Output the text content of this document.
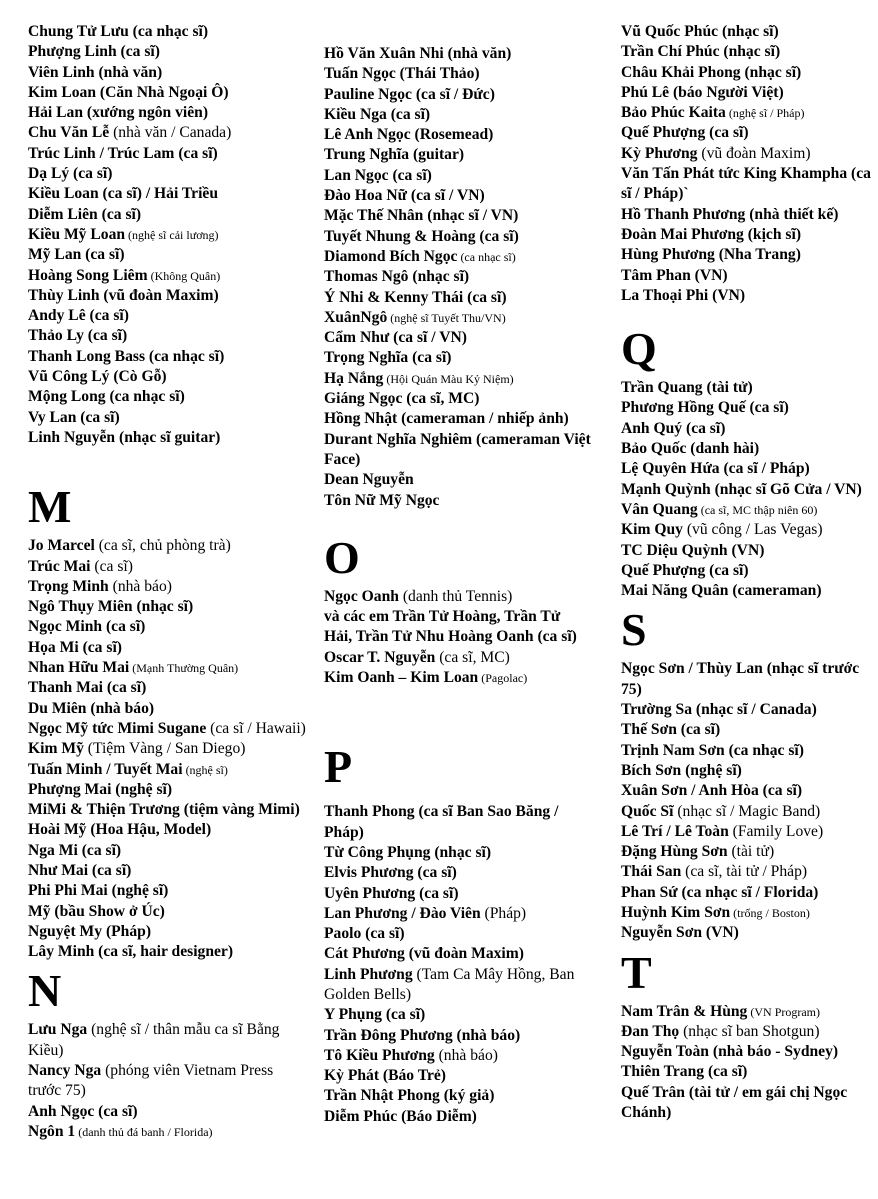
Chung Tử Lưu (ca nhạc sĩ)
Phượng Linh (ca sĩ)
Viên Linh (nhà văn)
Kim Loan (Căn Nhà Ngoại Ô)
Hải Lan (xướng ngôn viên)
Chu Văn Lễ (nhà văn / Canada)
Trúc Linh / Trúc Lam (ca sĩ)
Dạ Lý (ca sĩ)
Kiều Loan (ca sĩ) / Hải Triều
Diễm Liên (ca sĩ)
Kiều Mỹ Loan (nghệ sĩ cải lương)
Mỹ Lan (ca sĩ)
Hoàng Song Liêm (Không Quân)
Thùy Linh (vũ đoàn Maxim)
Andy Lê (ca sĩ)
Thảo Ly (ca sĩ)
Thanh Long Bass (ca nhạc sĩ)
Vũ Công Lý (Cò Gỗ)
Mộng Long (ca nhạc sĩ)
Vy Lan (ca sĩ)
Linh Nguyễn (nhạc sĩ guitar)
M
Jo Marcel (ca sĩ, chủ phòng trà)
Trúc Mai (ca sĩ)
Trọng Minh (nhà báo)
Ngô Thụy Miên (nhạc sĩ)
Ngọc Minh (ca sĩ)
Họa Mi (ca sĩ)
Nhan Hữu Mai (Mạnh Thường Quân)
Thanh Mai (ca sĩ)
Du Miên (nhà báo)
Ngọc Mỹ tức Mimi Sugane (ca sĩ / Hawaii)
Kim Mỹ (Tiệm Vàng / San Diego)
Tuấn Minh / Tuyết Mai (nghệ sĩ)
Phượng Mai (nghệ sĩ)
MiMi & Thiện Trương (tiệm vàng Mimi)
Hoài Mỹ (Hoa Hậu, Model)
Nga Mi (ca sĩ)
Như Mai (ca sĩ)
Phi Phi Mai (nghệ sĩ)
Mỹ (bầu Show ở Úc)
Nguyệt My (Pháp)
Lây Minh (ca sĩ, hair designer)
N
Lưu Nga (nghệ sĩ / thân mẫu ca sĩ Bằng Kiều)
Nancy Nga (phóng viên Vietnam Press trước 75)
Anh Ngọc (ca sĩ)
Ngôn 1 (danh thủ đá banh / Florida)
Hồ Văn Xuân Nhi (nhà văn)
Tuấn Ngọc (Thái Thảo)
Pauline Ngọc (ca sĩ / Đức)
Kiều Nga (ca sĩ)
Lê Anh Ngọc (Rosemead)
Trung Nghĩa (guitar)
Lan Ngọc (ca sĩ)
Đào Hoa Nữ (ca sĩ / VN)
Mặc Thế Nhân (nhạc sĩ / VN)
Tuyết Nhung & Hoàng (ca sĩ)
Diamond Bích Ngọc (ca nhạc sĩ)
Thomas Ngô (nhạc sĩ)
Ý Nhi & Kenny Thái (ca sĩ)
XuânNgô (nghệ sĩ Tuyết Thu/VN)
Cẩm Như (ca sĩ / VN)
Trọng Nghĩa (ca sĩ)
Hạ Nắng (Hội Quán Màu Kỷ Niệm)
Giáng Ngọc (ca sĩ, MC)
Hồng Nhật (cameraman / nhiếp ảnh)
Durant Nghĩa Nghiêm (cameraman Việt Face)
Dean Nguyễn
Tôn Nữ Mỹ Ngọc
O
Ngọc Oanh (danh thủ Tennis)
và các em Trần Tử Hoàng, Trần Tử Hải, Trần Tử Nhu Hoàng Oanh (ca sĩ)
Oscar T. Nguyễn (ca sĩ, MC)
Kim Oanh – Kim Loan (Pagolac)
P
Thanh Phong (ca sĩ Ban Sao Băng / Pháp)
Từ Công Phụng (nhạc sĩ)
Elvis Phương (ca sĩ)
Uyên Phương (ca sĩ)
Lan Phương / Đào Viên (Pháp)
Paolo (ca sĩ)
Cát Phương (vũ đoàn Maxim)
Linh Phương (Tam Ca Mây Hồng, Ban Golden Bells)
Y Phụng (ca sĩ)
Trần Đông Phương (nhà báo)
Tô Kiều Phương (nhà báo)
Kỳ Phát (Báo Trẻ)
Trần Nhật Phong (ký giả)
Diễm Phúc (Báo Diễm)
Vũ Quốc Phúc (nhạc sĩ)
Trần Chí Phúc (nhạc sĩ)
Châu Khải Phong (nhạc sĩ)
Phú Lê (báo Người Việt)
Bảo Phúc Kaita (nghệ sĩ / Pháp)
Quế Phượng (ca sĩ)
Kỳ Phương (vũ đoàn Maxim)
Văn Tấn Phát tức King Khampha (ca sĩ / Pháp)`
Hồ Thanh Phương (nhà thiết kế)
Đoàn Mai Phương (kịch sĩ)
Hùng Phương (Nha Trang)
Tâm Phan (VN)
La Thoại Phi (VN)
Q
Trần Quang (tài tử)
Phương Hồng Quế (ca sĩ)
Anh Quý (ca sĩ)
Bảo Quốc (danh hài)
Lệ Quyên Hứa (ca sĩ / Pháp)
Mạnh Quỳnh (nhạc sĩ Gõ Cửa / VN)
Vân Quang (ca sĩ, MC thập niên 60)
Kim Quy (vũ công / Las Vegas)
TC Diệu Quỳnh (VN)
Quế Phượng (ca sĩ)
Mai Năng Quân (cameraman)
S
Ngọc Sơn / Thùy Lan (nhạc sĩ trước 75)
Trường Sa (nhạc sĩ / Canada)
Thế Sơn (ca sĩ)
Trịnh Nam Sơn (ca nhạc sĩ)
Bích Sơn (nghệ sĩ)
Xuân Sơn / Anh Hòa (ca sĩ)
Quốc Sĩ (nhạc sĩ / Magic Band)
Lê Trí / Lê Toàn (Family Love)
Đặng Hùng Sơn (tài tử)
Thái San (ca sĩ, tài tử / Pháp)
Phan Sứ (ca nhạc sĩ / Florida)
Huỳnh Kim Sơn (trống / Boston)
Nguyễn Sơn (VN)
T
Nam Trân & Hùng (VN Program)
Đan Thọ (nhạc sĩ ban Shotgun)
Nguyễn Toàn (nhà báo - Sydney)
Thiên Trang (ca sĩ)
Quế Trân (tài tử / em gái chị Ngọc Chánh)
